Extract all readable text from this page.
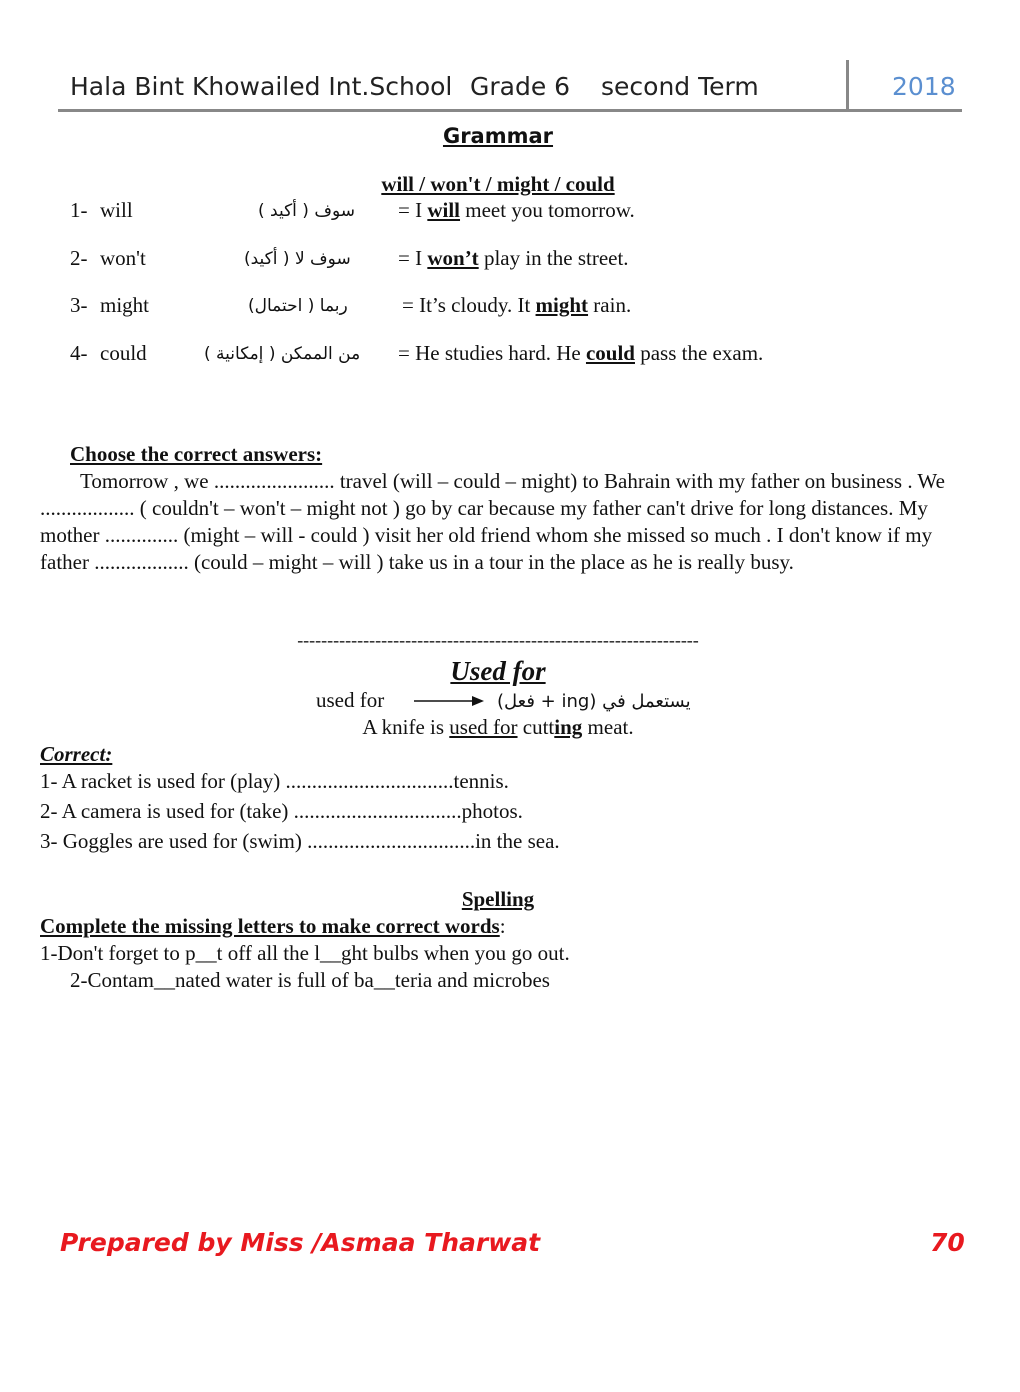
Hala Bint Khowailed Int.School Grade 6 second Term	2018
Grammar
will / won't / might / could
1- will	سوف ( أكيد ) = I will meet you tomorrow.
2- won't	سوف لا ( أكيد) = I won’t play in the street.
3- might	ربما ( احتمال)	= It’s cloudy. It might rain.
4- could	من الممكن ( إمكانية ) = He studies hard. He could pass the exam.
Choose the correct answers:
Tomorrow , we ....................... travel (will – could – might) to Bahrain with my father on business . We .................. ( couldn't – won't – might not ) go by car because my father can't drive for long distances. My mother .............. (might – will - could ) visit her old friend whom she missed so much . I don't know if my father .................. (could – might – will ) take us in a tour in the place as he is really busy.
-------------------------------------------------------------------
Used for
used for	(فعل + ing) يستعمل في
A knife is used for cutting meat.
Correct:
1- A racket is used for (play) ................................tennis.
2- A camera is used for (take) ................................photos.
3- Goggles are used for (swim) ................................in the sea.
Spelling
Complete the missing letters to make correct words:
1-Don't forget to p__t off all the l__ght bulbs when you go out.
2-Contam__nated water is full of ba__teria and microbes
Prepared by Miss /Asmaa Tharwat	70
